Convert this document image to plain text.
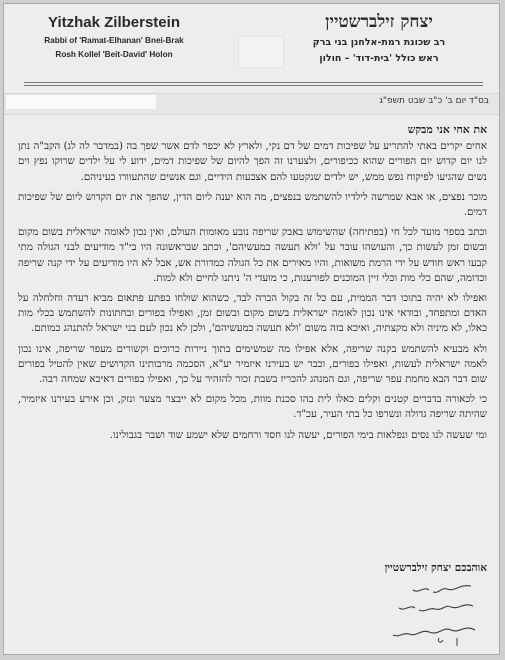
Yitzhak Zilberstein
Rabbi of 'Ramat-Elhanan' Bnei-Brak
Rosh Kollel 'Beit-David' Holon
יצחק זילברשטיין
רב שכונת רמת-אלחנן בני ברק
ראש כולל 'בית-דוד' – חולון
בס"ד יום ב' כ"ב שבט תשפ"ג
את אחי אני מבקש

אחים יקרים באתי להתריע על שפיכות דמים של דם נקי, ולארץ לא יכפר לדם אשר שפך בה (במדבר לה לג) הקב"ה נתן לנו יום קדוש יום הפורים שהוא ככיפורים, ולצערנו זה הפך להיום של שפיכות דמים, ידוע לי על ילדים שרוקו נפץ וים נשים שהגיעו לפיקוח נפש ממש, יש ילדים שנקטעו להם אצבעות הידיים, וגם אנשים שהתעוורו בעיניהם.

מוכר נפצים, או אבא שמרשה לילדיו להשתמש בנפצים, מה הוא יענה ליום הדין, שהפך את יום הקדוש ליום של שפיכות דמים.

וכתב בספר מועד לכל חי (בפתיחה) שהשימוש באבק שריפה נובע מאומות העולם, ואין נכון לאומה ישראלית בשום מקום ובשום זמן לעשות כך, והעושהו עובר על 'ולא תעשה כמעשיהם', וכתב שבראשונה היו בי"ד מודיעים לבני הגולה מתי קבעו ראש חודש על ידי הרמת משואות, והיו מאירים את כל הגולה כמדורת אש, אבל לא היו מודיעים על ידי קנה שריפה וכדומה, שהם כלי מות וכלי זיין המוכנים לפורענות, כי מועדי ה' ניתנו לחיים ולא למות.

ואפילו לא יהיה בתוכו דבר הממית, עם כל זה בקול הברה לבד, כשהוא שולחו בפתע פתאום מביא רעדה וחלחלה על האדם ומתפחד, ובודאי אינו נכון לאומה ישראלית בשום מקום ובשום זמן, ואפילו בפורים ובחתונות להשתמש בכלי מות כאלו, לא מיניה ולא מקצתיה, ואיכא בזה משום 'ולא תעשה כמעשיהם', ולכן לא נכון לעם בני ישראל להתנהג כמותם.

ולא מבעיא להשתמש בקנה שריפה, אלא אפילו מה שמשימים בתוך ניירות כרוכים וקשורים מעפר שריפה, אינו נכון לאמה ישראלית לעשות, ואפילו בפורים, וכבר יש בעירנו איזמיר יע"א, הסכמה מרבותינו הקדושים שאין להטיל בפורים שום דבר הבא מחמת עפר שריפה, וגם המנהג להכריז בשבת זכור להזהיר על כך, ואפילו בפורים דאיכא שמחה רבה.

כי לכאורה בדברים קטנים וקלים כאלו לית בהו סכנת מוות, מכל מקום לא ייבצר מצער ונזק, וכן אירע בעירנו איזמיר, שהיתה שריפה גדולה ונשרפו כל בתי העיר, עכ"ד.

ומי שעשה לנו נסים ונפלאות בימי הפורים, יעשה לנו חסד ורחמים שלא ישמע שוד ושבר בגבולינו.

אוהבכם יצחק זילברשטיין
